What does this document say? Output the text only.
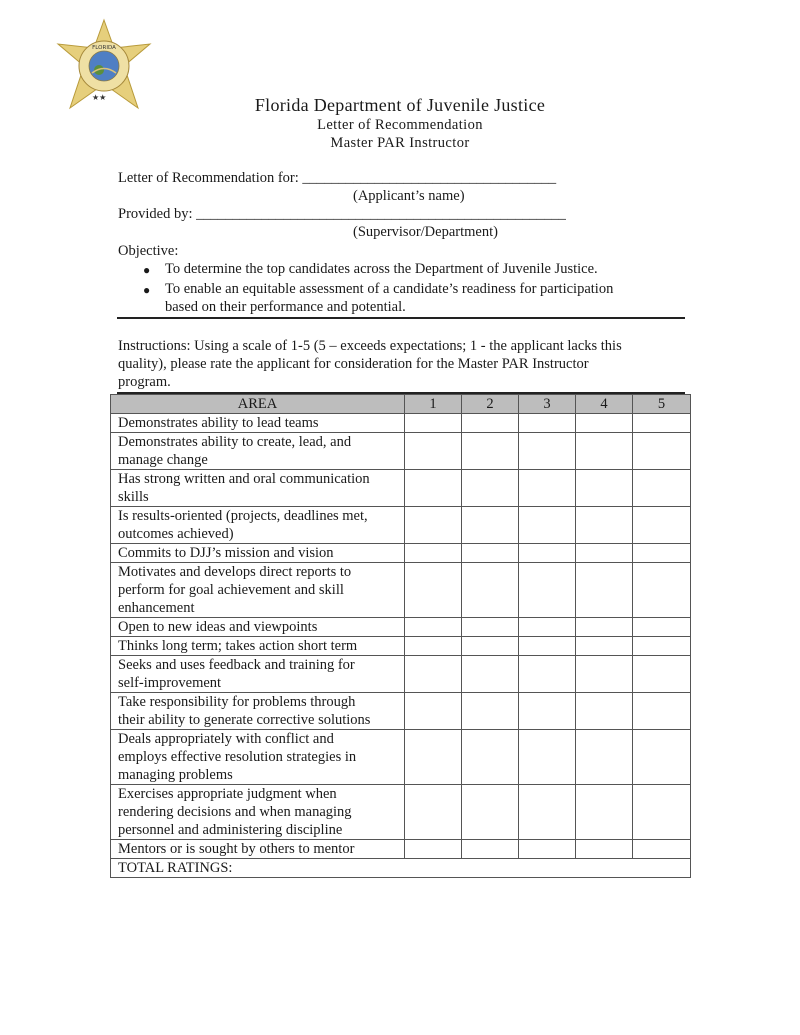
FLORIDA
★★	Florida Department of Juvenile Justice
Letter of Recommendation
Master PAR Instructor
Letter of Recommendation for: ___________________________________
(Applicant’s name)
Provided by: ___________________________________________________
(Supervisor/Department)
Objective:
● To determine the top candidates across the Department of Juvenile Justice.
● To enable an equitable assessment of a candidate’s readiness for participation
based on their performance and potential.
Instructions: Using a scale of 1-5 (5 – exceeds expectations; 1 - the applicant lacks this
quality), please rate the applicant for consideration for the Master PAR Instructor
program.
AREA	1	2	3	4	5

Demonstrates ability to lead teams					

Demonstrates ability to create, lead, and
manage change					

Has strong written and oral communication
skills					

Is results-oriented (projects, deadlines met,
outcomes achieved)					

Commits to DJJ’s mission and vision					

Motivates and develops direct reports to
perform for goal achievement and skill
enhancement					

Open to new ideas and viewpoints					

Thinks long term; takes action short term					

Seeks and uses feedback and training for
self-improvement					

Take responsibility for problems through
their ability to generate corrective solutions					

Deals appropriately with conflict and
employs effective resolution strategies in
managing problems					

Exercises appropriate judgment when
rendering decisions and when managing
personnel and administering discipline					

Mentors or is sought by others to mentor					

TOTAL RATINGS:					
